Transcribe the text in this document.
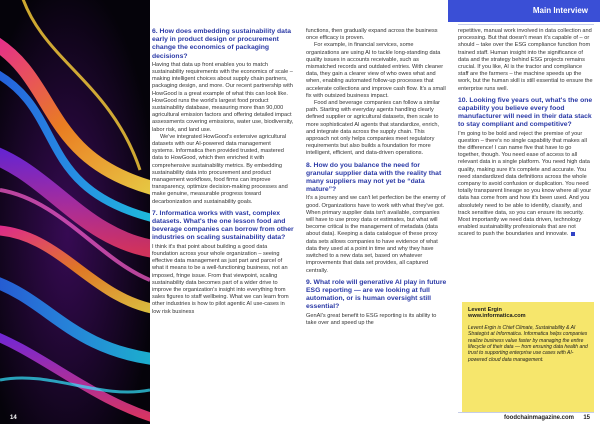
Main Interview
6. How does embedding sustainability data early in product design or procurement change the economics of packaging decisions?

Having that data up front enables you to match sustainability requirements with the economics of scale – making intelligent choices about supply chain partners, packaging design, and more. Our recent partnership with HowGood is a great example of what this can look like. HowGood runs the world's largest food product sustainability database, measuring more than 90,000 agricultural emission factors and offering detailed impact assessments covering emissions, water use, biodiversity, labor risk, and land use.

We've integrated HowGood's extensive agricultural datasets with our AI-powered data management systems. Informatica then provided trusted, mastered data to HowGood, which then enriched it with comprehensive sustainability metrics. By embedding sustainability data into procurement and product management workflows, food firms can improve transparency, optimize decision-making processes and make genuine, measurable progress toward decarbonization and sustainability goals.

7. Informatica works with vast, complex datasets. What's the one lesson food and beverage companies can borrow from other industries on scaling sustainability data?

I think it's that point about building a good data foundation across your whole organization – seeing effective data management as just part and parcel of what it means to be a well-functioning business, not an imposed, fringe issue. From that viewpoint, scaling sustainability data becomes part of a wider drive to improve the organization's insight into everything from sales figures to staff wellbeing. What we can learn from other industries is how to pilot agentic AI use-cases in low risk business

functions, then gradually expand across the business once efficacy is proven.

For example, in financial services, some organizations are using AI to tackle long-standing data quality issues in accounts receivable, such as mismatched records and outdated entries. With cleaner data, they gain a clearer view of who owes what and when, enabling automated follow-up processes that accelerate collections and improve cash flow. It's a small fix with outsized business impact.

Food and beverage companies can follow a similar path. Starting with everyday agents handling clearly defined supplier or agricultural datasets, then scale to more sophisticated AI agents that standardize, enrich, and integrate data across the supply chain. This approach not only helps companies meet regulatory requirements but also builds a foundation for more intelligent, efficient, and data-driven operations.

8. How do you balance the need for granular supplier data with the reality that many suppliers may not yet be “data mature”?

It's a journey and we can't let perfection be the enemy of good. Organizations have to work with what they've got. When primary supplier data isn't available, companies will have to use proxy data or estimates, but what will become critical is the management of metadata (data about data). Keeping a data catalogue of these proxy data sets allows companies to have evidence of what data they used at a point in time and why they have switched to a new data set, based on whatever improvements that data set provides, all captured centrally.

9. What role will generative AI play in future ESG reporting — are we looking at full automation, or is human oversight still essential?

GenAI's great benefit to ESG reporting is its ability to take over and speed up the

repetitive, manual work involved in data collection and processing. But that doesn't mean it's capable of – or should – take over the ESG compliance function from trained staff. Human insight into the significance of data and the strategy behind ESG projects remains crucial. If you like, AI is the tractor and compliance staff are the farmers – the machine speeds up the work, but the human skill is still essential to ensure the enterprise runs well.

10. Looking five years out, what's the one capability you believe every food manufacturer will need in their data stack to stay compliant and competitive?

I'm going to be bold and reject the premise of your question – there's no single capability that makes all the difference! I can name five that have to go together, though. You need ease of access to all relevant data in a single platform. You need high data quality, making sure it's complete and accurate. You need standardized data definitions across the whole company to avoid confusion or duplication. You need totally transparent lineage so you know where all your data has come from and how it's been used. And you absolutely need to be able to identify, classify, and track sensitive data, so you can ensure its security. Most importantly we need data driven, technology enabled sustainability professionals that are not scared to push the boundaries and innovate.

Levent Ergin
www.informatica.com
Levent Ergin is Chief Climate, Sustainability & AI Strategist at Informatica. Informatica helps companies realize business value faster by managing the entire lifecycle of their data — from ensuring data health and trust to supporting enterprise use cases with AI-powered cloud data management.
14	foodchainmagazine.com 15
